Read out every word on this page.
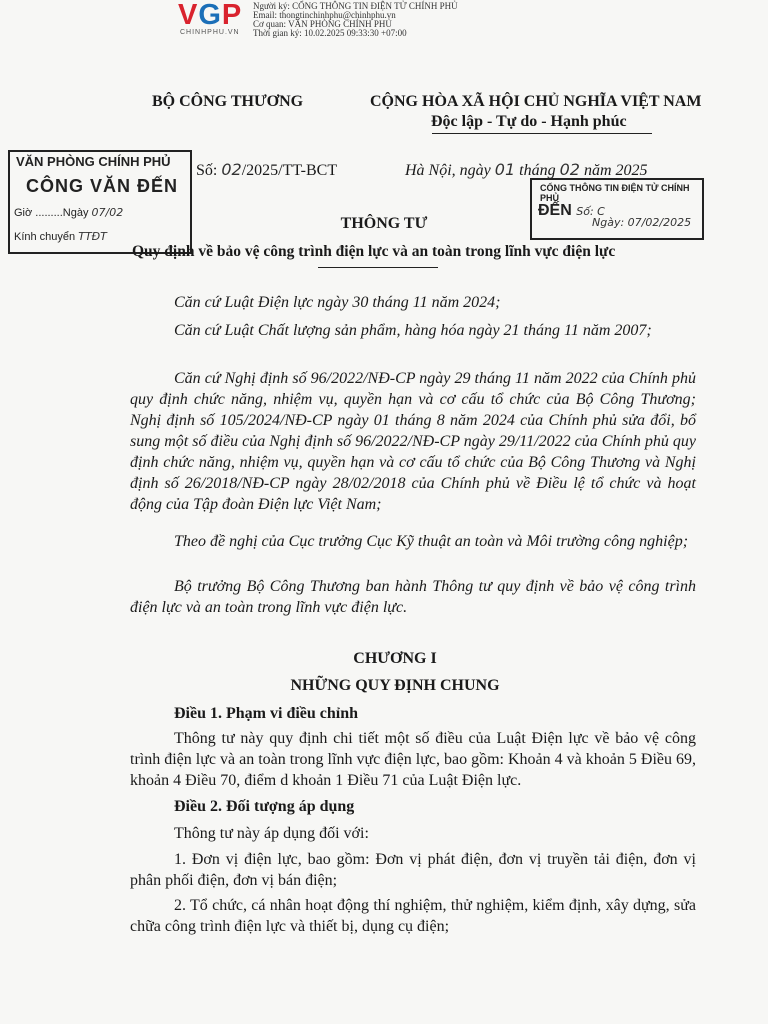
VGP
CHINHPHU.VN
Người ký: CỔNG THÔNG TIN ĐIỆN TỬ CHÍNH PHỦ
Email: thongtinchinhphu@chinhphu.vn
Cơ quan: VĂN PHÒNG CHÍNH PHỦ
Thời gian ký: 10.02.2025 09:33:30 +07:00
BỘ CÔNG THƯƠNG	CỘNG HÒA XÃ HỘI CHỦ NGHĨA VIỆT NAM
Độc lập - Tự do - Hạnh phúc
Số: 02/2025/TT-BCT	Hà Nội, ngày 01 tháng 02 năm 2025
VĂN PHÒNG CHÍNH PHỦ
CÔNG VĂN ĐẾN
Giờ .........Ngày 07/02
Kính chuyển TTĐT
CỔNG THÔNG TIN ĐIỆN TỬ CHÍNH PHỦ
ĐẾN Số: C
Ngày: 07/02/2025
THÔNG TƯ
Quy định về bảo vệ công trình điện lực và an toàn trong lĩnh vực điện lực
Căn cứ Luật Điện lực ngày 30 tháng 11 năm 2024;
Căn cứ Luật Chất lượng sản phẩm, hàng hóa ngày 21 tháng 11 năm 2007;
Căn cứ Nghị định số 96/2022/NĐ-CP ngày 29 tháng 11 năm 2022 của Chính phủ quy định chức năng, nhiệm vụ, quyền hạn và cơ cấu tổ chức của Bộ Công Thương; Nghị định số 105/2024/NĐ-CP ngày 01 tháng 8 năm 2024 của Chính phủ sửa đổi, bổ sung một số điều của Nghị định số 96/2022/NĐ-CP ngày 29/11/2022 của Chính phủ quy định chức năng, nhiệm vụ, quyền hạn và cơ cấu tổ chức của Bộ Công Thương và Nghị định số 26/2018/NĐ-CP ngày 28/02/2018 của Chính phủ về Điều lệ tổ chức và hoạt động của Tập đoàn Điện lực Việt Nam;
Theo đề nghị của Cục trưởng Cục Kỹ thuật an toàn và Môi trường công nghiệp;
Bộ trưởng Bộ Công Thương ban hành Thông tư quy định về bảo vệ công trình điện lực và an toàn trong lĩnh vực điện lực.
CHƯƠNG I
NHỮNG QUY ĐỊNH CHUNG
Điều 1. Phạm vi điều chỉnh
Thông tư này quy định chi tiết một số điều của Luật Điện lực về bảo vệ công trình điện lực và an toàn trong lĩnh vực điện lực, bao gồm: Khoản 4 và khoản 5 Điều 69, khoản 4 Điều 70, điểm d khoản 1 Điều 71 của Luật Điện lực.
Điều 2. Đối tượng áp dụng
Thông tư này áp dụng đối với:
1. Đơn vị điện lực, bao gồm: Đơn vị phát điện, đơn vị truyền tải điện, đơn vị phân phối điện, đơn vị bán điện;
2. Tổ chức, cá nhân hoạt động thí nghiệm, thử nghiệm, kiểm định, xây dựng, sửa chữa công trình điện lực và thiết bị, dụng cụ điện;
